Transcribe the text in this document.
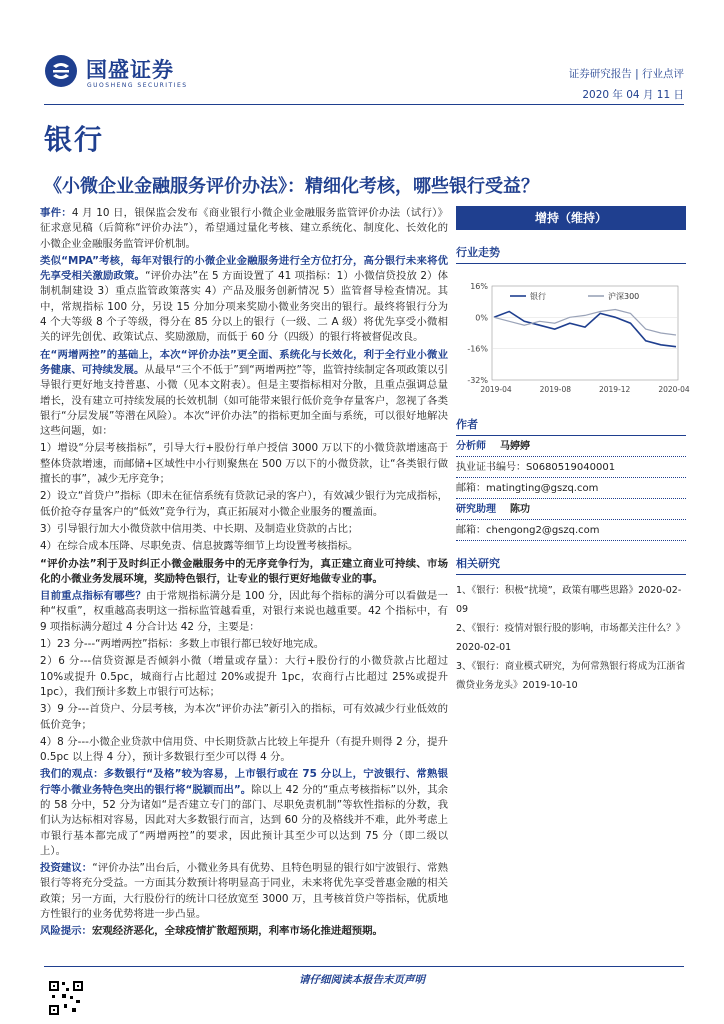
国盛证券
GUOSHENG SECURITIES
证券研究报告 | 行业点评
2020 年 04 月 11 日
银行
《小微企业金融服务评价办法》：精细化考核，哪些银行受益？

事件：4 月 10 日，银保监会发布《商业银行小微企业金融服务监管评价办法（试行）》征求意见稿（后简称“评价办法”），希望通过量化考核、建立系统化、制度化、长效化的小微企业金融服务监管评价机制。

类似“MPA”考核，每年对银行的小微企业金融服务进行全方位打分，高分银行未来将优先享受相关激励政策。“评价办法”在 5 方面设置了 41 项指标：1）小微信贷投放 2）体制机制建设 3）重点监管政策落实 4）产品及服务创新情况 5）监管督导检查情况。其中，常规指标 100 分，另设 15 分加分项来奖励小微业务突出的银行。最终将银行分为 4 个大等级 8 个子等级，得分在 85 分以上的银行（一级、二 A 级）将优先享受小微相关的评先创优、政策试点、奖励激励，而低于 60 分（四级）的银行将被督促改良。

在“两增两控”的基础上，本次“评价办法”更全面、系统化与长效化，利于全行业小微业务健康、可持续发展。从最早“三个不低于”到“两增两控”等，监管持续制定各项政策以引导银行更好地支持普惠、小微（见本文附表）。但是主要指标相对分散，且重点强调总量增长，没有建立可持续发展的长效机制（如可能带来银行低价竞争存量客户，忽视了各类银行“分层发展”等潜在风险）。本次“评价办法”的指标更加全面与系统，可以很好地解决这些问题，如：

1）增设“分层考核指标”，引导大行+股份行单户授信 3000 万以下的小微贷款增速高于整体贷款增速，而邮储+区域性中小行则聚焦在 500 万以下的小微贷款，让“各类银行做擅长的事”，减少无序竞争；

2）设立“首贷户”指标（即未在征信系统有贷款记录的客户），有效减少银行为完成指标，低价抢夺存量客户的“低效”竞争行为，真正拓展对小微企业服务的覆盖面。

3）引导银行加大小微贷款中信用类、中长期、及制造业贷款的占比；

4）在综合成本压降、尽职免责、信息披露等细节上均设置考核指标。

“评价办法”利于及时纠正小微金融服务中的无序竞争行为，真正建立商业可持续、市场化的小微业务发展环境，奖励特色银行，让专业的银行更好地做专业的事。

目前重点指标有哪些？由于常规指标满分是 100 分，因此每个指标的满分可以看做是一种“权重”，权重越高表明这一指标监管越看重，对银行来说也越重要。42 个指标中，有 9 项指标满分超过 4 分合计达 42 分，主要是：

1）23 分---“两增两控”指标：多数上市银行都已较好地完成。

2）6 分---信贷资源是否倾斜小微（增量或存量）：大行+股份行的小微贷款占比超过 10%或提升 0.5pc，城商行占比超过 20%或提升 1pc，农商行占比超过 25%或提升 1pc），我们预计多数上市银行可达标；

3）9 分---首贷户、分层考核，为本次“评价办法”新引入的指标，可有效减少行业低效的低价竞争；

4）8 分---小微企业贷款中信用贷、中长期贷款占比较上年提升（有提升则得 2 分，提升 0.5pc 以上得 4 分），预计多数银行至少可以得 4 分。

我们的观点：多数银行“及格”较为容易，上市银行或在 75 分以上，宁波银行、常熟银行等小微业务特色突出的银行将“脱颖而出”。除以上 42 分的“重点考核指标”以外，其余的 58 分中，52 分为诸如“是否建立专门的部门、尽职免责机制”等软性指标的分数，我们认为达标相对容易，因此对大多数银行而言，达到 60 分的及格线并不难，此外考虑上市银行基本都完成了“两增两控”的要求，因此预计其至少可以达到 75 分（即二级以上）。

投资建议：“评价办法”出台后，小微业务具有优势、且特色明显的银行如宁波银行、常熟银行等将充分受益。一方面其分数预计将明显高于同业，未来将优先享受普惠金融的相关政策；另一方面，大行股份行的统计口径放宽至 3000 万，且考核首贷户等指标，优质地方性银行的业务优势将进一步凸显。

风险提示：宏观经济恶化，全球疫情扩散超预期，利率市场化推进超预期。

增持（维持）
行业走势
16%
0%
-16%
-32%
2019-04	2019-08	2019-12	2020-04
银行	沪深300
作者
分析师 马婷婷
执业证书编号：S0680519040001
邮箱：matingting@gszq.com
研究助理 陈功
邮箱：chengong2@gszq.com
相关研究
1、《银行：积极“扰境”，政策有哪些思路》2020-02-09
2、《银行：疫情对银行股的影响，市场都关注什么？》2020-02-01
3、《银行：商业模式研究，为何常熟银行将成为江浙省微贷业务龙头》2019-10-10
请仔细阅读本报告末页声明
